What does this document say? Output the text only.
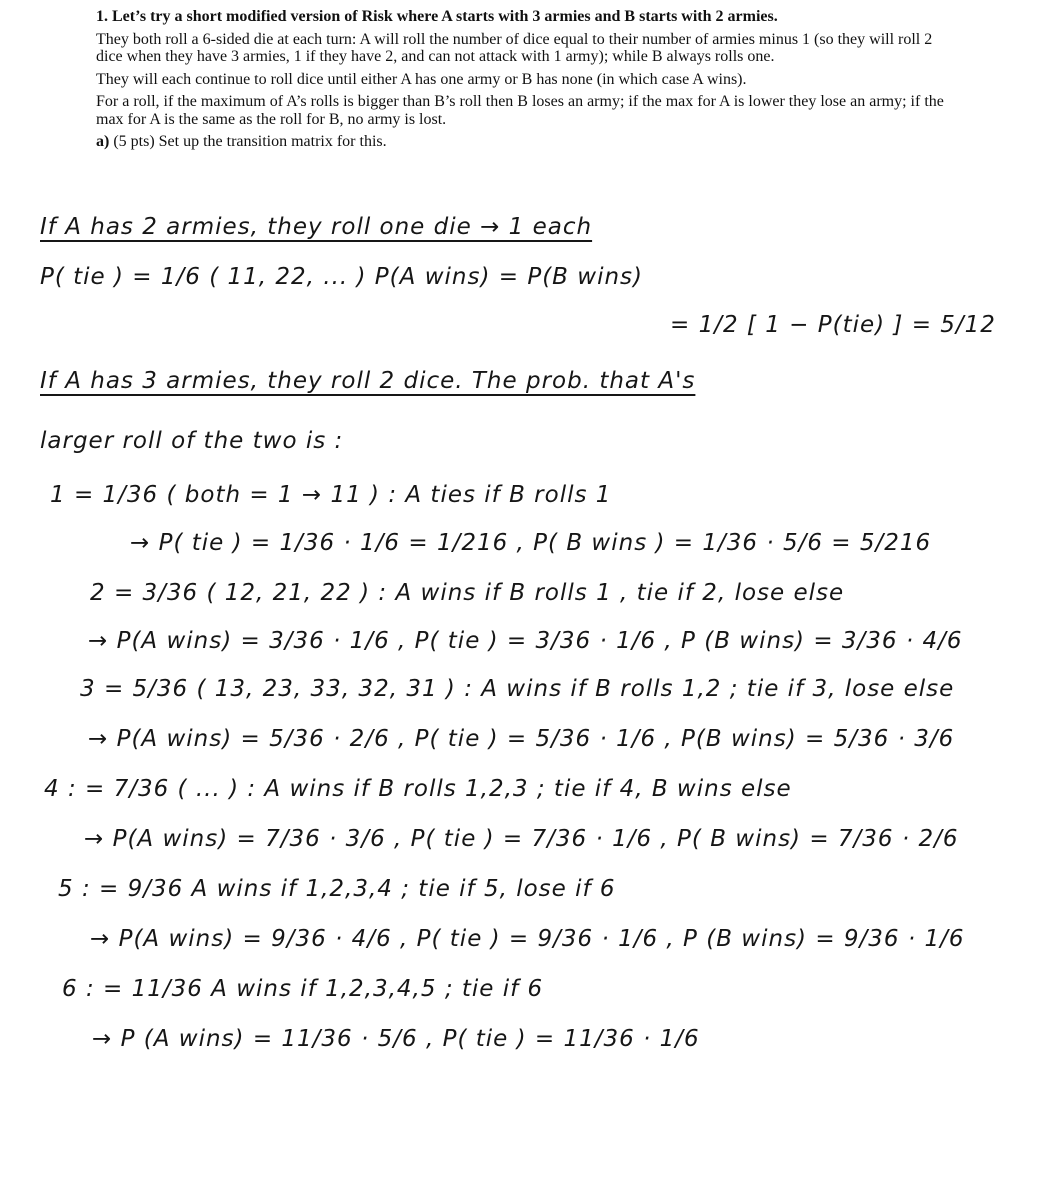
1. Let’s try a short modified version of Risk where A starts with 3 armies and B starts with 2 armies.

They both roll a 6-sided die at each turn: A will roll the number of dice equal to their number of armies minus 1 (so they will roll 2 dice when they have 3 armies, 1 if they have 2, and can not attack with 1 army); while B always rolls one.

They will each continue to roll dice until either A has one army or B has none (in which case A wins).

For a roll, if the maximum of A’s rolls is bigger than B’s roll then B loses an army; if the max for A is lower they lose an army; if the max for A is the same as the roll for B, no army is lost.

a) (5 pts) Set up the transition matrix for this.

If A has 2 armies, they roll one die → 1 each
P( tie ) = 1/6 ( 11, 22, ... ) P(A wins) = P(B wins)
= 1/2 [ 1 − P(tie) ] = 5/12
If A has 3 armies, they roll 2 dice. The prob. that A's
larger roll of the two is :
1 = 1/36 ( both = 1 → 11 ) : A ties if B rolls 1
→ P( tie ) = 1/36 · 1/6 = 1/216 , P( B wins ) = 1/36 · 5/6 = 5/216
2 = 3/36 ( 12, 21, 22 ) : A wins if B rolls 1 , tie if 2, lose else
→ P(A wins) = 3/36 · 1/6 , P( tie ) = 3/36 · 1/6 , P (B wins) = 3/36 · 4/6
3 = 5/36 ( 13, 23, 33, 32, 31 ) : A wins if B rolls 1,2 ; tie if 3, lose else
→ P(A wins) = 5/36 · 2/6 , P( tie ) = 5/36 · 1/6 , P(B wins) = 5/36 · 3/6
4 : = 7/36 ( ... ) : A wins if B rolls 1,2,3 ; tie if 4, B wins else
→ P(A wins) = 7/36 · 3/6 , P( tie ) = 7/36 · 1/6 , P( B wins) = 7/36 · 2/6
5 : = 9/36 A wins if 1,2,3,4 ; tie if 5, lose if 6
→ P(A wins) = 9/36 · 4/6 , P( tie ) = 9/36 · 1/6 , P (B wins) = 9/36 · 1/6
6 : = 11/36 A wins if 1,2,3,4,5 ; tie if 6
→ P (A wins) = 11/36 · 5/6 , P( tie ) = 11/36 · 1/6
